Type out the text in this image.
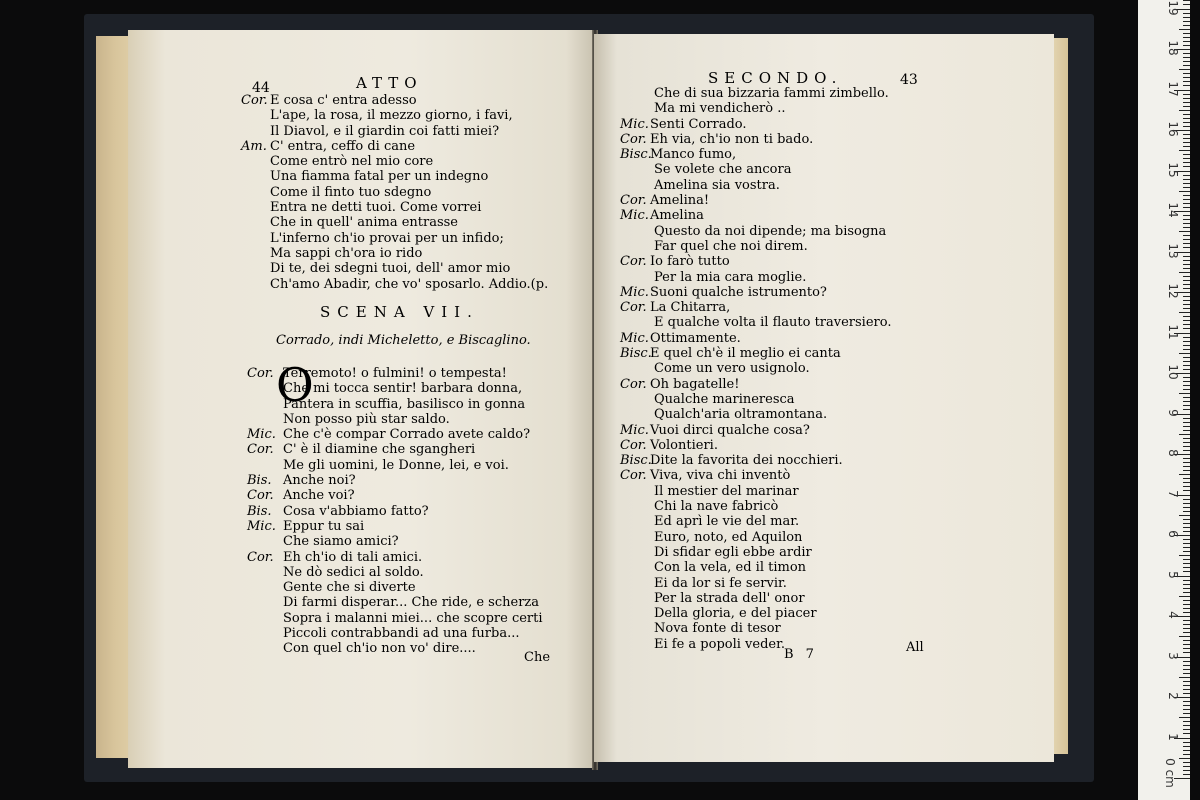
44	ATTO
Cor. E cosa c' entra adesso
L'ape, la rosa, il mezzo giorno, i favi,
Il Diavol, e il giardin coi fatti miei?
Am. C' entra, ceffo di cane
Come entrò nel mio core
Una fiamma fatal per un indegno
Come il finto tuo sdegno
Entra ne detti tuoi. Come vorrei
Che in quell' anima entrasse
L'inferno ch'io provai per un infido;
Ma sappi ch'ora io rido
Di te, dei sdegni tuoi, dell' amor mio
Ch'amo Abadir, che vo' sposarlo. Addio.(p.
SCENA VII.
Corrado, indi Micheletto, e Biscaglino.
O
Cor. Terremoto! o fulmini! o tempesta!
Che mi tocca sentir! barbara donna,
Pantera in scuffia, basilisco in gonna
Non posso più star saldo.
Mic. Che c'è compar Corrado avete caldo?
Cor. C' è il diamine che sgangheri
Me gli uomini, le Donne, lei, e voi.
Bis. Anche noi?
Cor. Anche voi?
Bis. Cosa v'abbiamo fatto?
Mic. Eppur tu sai
Che siamo amici?
Cor. Eh ch'io di tali amici.
Ne dò sedici al soldo.
Gente che si diverte
Di farmi disperar... Che ride, e scherza
Sopra i malanni miei... che scopre certi
Piccoli contrabbandi ad una furba...
Con quel ch'io non vo' dire....
Che
SECONDO.	43
Che di sua bizzaria fammi zimbello.
Ma mi vendicherò ..
Mic. Senti Corrado.
Cor. Eh via, ch'io non ti bado.
Bisc.
Manco fumo,
Se volete che ancora
Amelina sia vostra.
Cor. Amelina!
Mic. Amelina
Questo da noi dipende; ma bisogna
Far quel che noi direm.
Cor. Io farò tutto
Per la mia cara moglie.
Mic. Suoni qualche istrumento?
Cor. La Chitarra,
E qualche volta il flauto traversiero.
Mic. Ottimamente.
Bisc.
E quel ch'è il meglio ei canta
Come un vero usignolo.
Cor. Oh bagatelle!
Qualche marineresca
Qualch'aria oltramontana.
Mic. Vuoi dirci qualche cosa?
Cor. Volontieri.
Bisc.
Dite la favorita dei nocchieri.
Cor. Viva, viva chi inventò
Il mestier del marinar
Chi la nave fabricò
Ed aprì le vie del mar.
Euro, noto, ed Aquilon
Di sfidar egli ebbe ardir
Con la vela, ed il timon
Ei da lor si fe servir.
Per la strada dell' onor
Della gloria, e del piacer
Nova fonte di tesor
Ei fe a popoli veder.
B 7	All
0 cm
1
2
3
4
5
6
7
8
9
10
11
12
13
14
15
16
17
18
19
